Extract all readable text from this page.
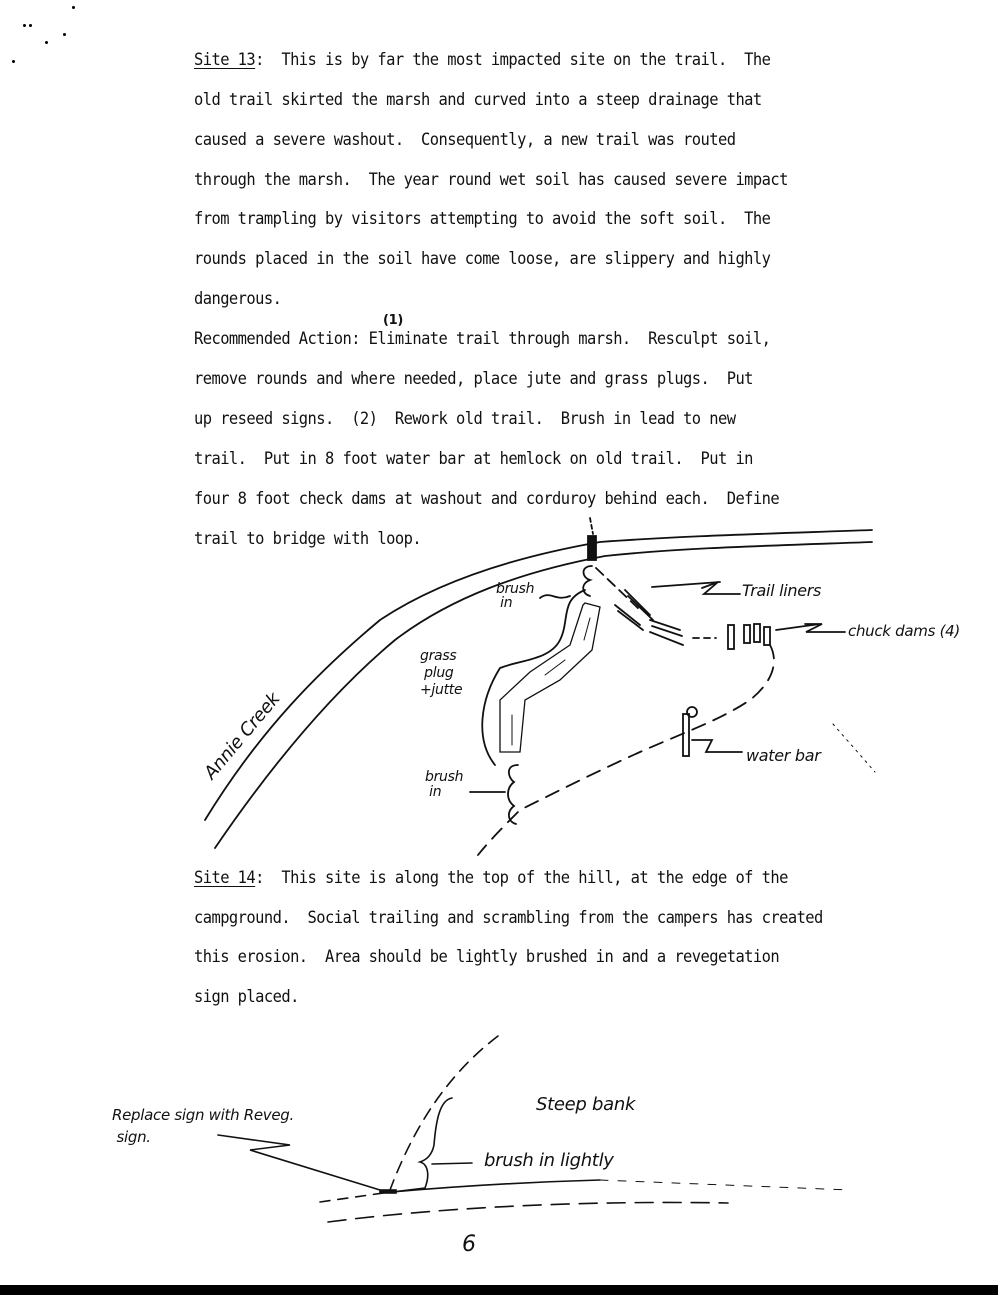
Site 13:  This is by far the most impacted site on the trail.  The
old trail skirted the marsh and curved into a steep drainage that
caused a severe washout.  Consequently, a new trail was routed
through the marsh.  The year round wet soil has caused severe impact
from trampling by visitors attempting to avoid the soft soil.  The
rounds placed in the soil have come loose, are slippery and highly
dangerous.
Recommended Action: Eliminate trail through marsh.  Resculpt soil,
(1)
remove rounds and where needed, place jute and grass plugs.  Put
up reseed signs.  (2)  Rework old trail.  Brush in lead to new
trail.  Put in 8 foot water bar at hemlock on old trail.  Put in
four 8 foot check dams at washout and corduroy behind each.  Define
trail to bridge with loop.
Annie Creek
brush
in
Trail liners
chuck dams (4)
grass
plug
+jutte
water bar
brush
in
Site 14:  This site is along the top of the hill, at the edge of the
campground.  Social trailing and scrambling from the campers has created
this erosion.  Area should be lightly brushed in and a revegetation
sign placed.
Replace sign with Reveg.
sign.
Steep bank
brush in lightly
6
